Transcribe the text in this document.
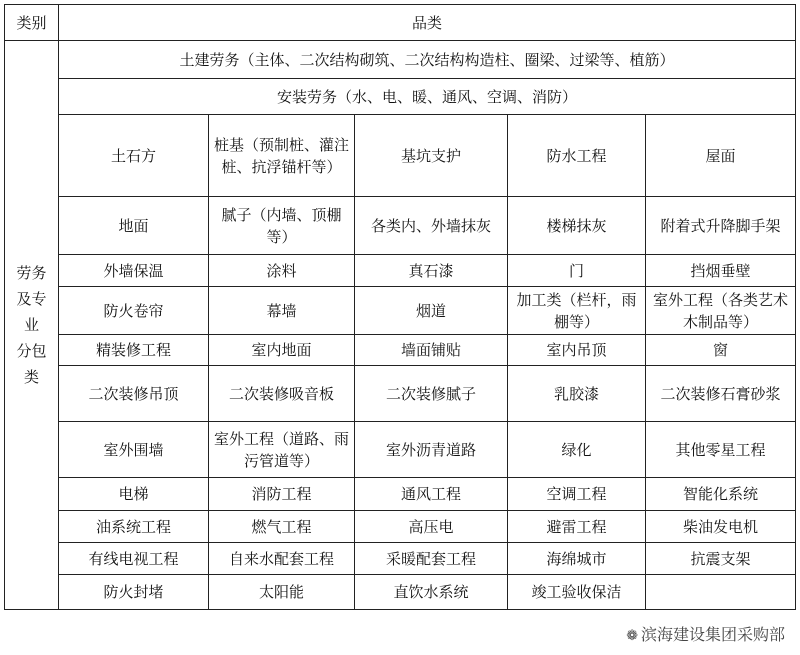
类别	品类				

劳务
及专
业
分包
类	土建劳务（主体、二次结构砌筑、二次结构构造柱、圈梁、过梁等、植筋）				
	安装劳务（水、电、暖、通风、空调、消防）				
	土石方	桩基（预制桩、灌注桩、抗浮锚杆等）	基坑支护	防水工程	屋面
	地面	腻子（内墙、顶棚等）	各类内、外墙抹灰	楼梯抹灰	附着式升降脚手架
	外墙保温	涂料	真石漆	门	挡烟垂壁
	防火卷帘	幕墙	烟道	加工类（栏杆，雨棚等）	室外工程（各类艺术木制品等）
	精装修工程	室内地面	墙面铺贴	室内吊顶	窗
	二次装修吊顶	二次装修吸音板	二次装修腻子	乳胶漆	二次装修石膏砂浆
	室外围墙	室外工程（道路、雨污管道等）	室外沥青道路	绿化	其他零星工程
	电梯	消防工程	通风工程	空调工程	智能化系统
	油系统工程	燃气工程	高压电	避雷工程	柴油发电机
	有线电视工程	自来水配套工程	采暖配套工程	海绵城市	抗震支架
	防火封堵	太阳能	直饮水系统	竣工验收保洁	
❁ 滨海建设集团采购部
